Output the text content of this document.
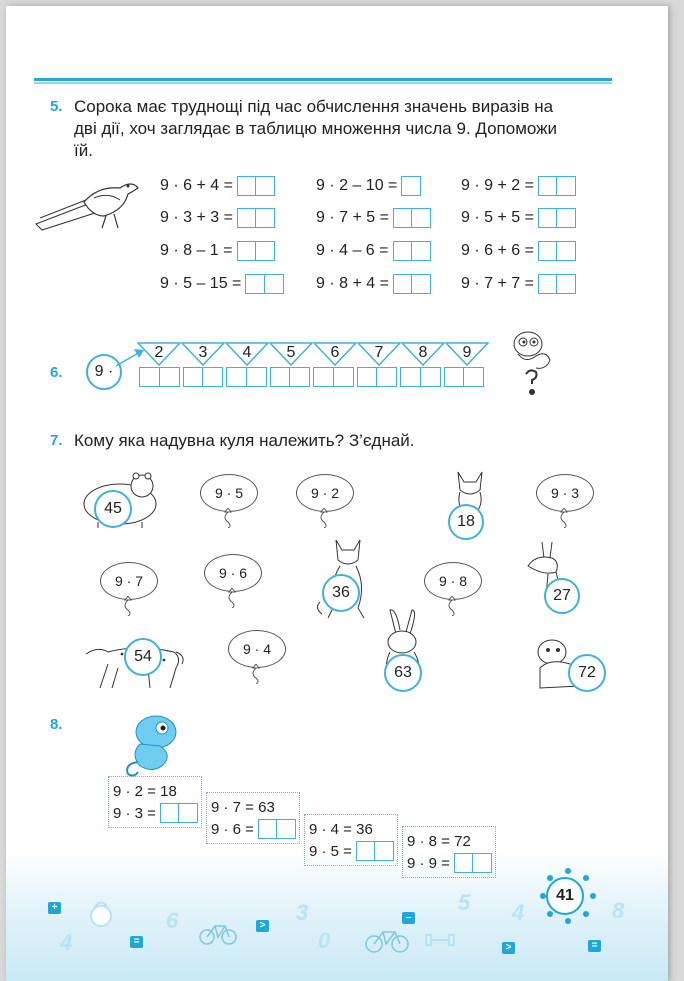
5. Сорока має труднощі під час обчислення значень виразів на
дві дії, хоч заглядає в таблицю множення числа 9. Допоможи
їй.
9 · 6 + 4 =	9 · 2 – 10 =	9 · 9 + 2 =
9 · 3 + 3 =	9 · 7 + 5 =	9 · 5 + 5 =
9 · 8 – 1 =	9 · 4 – 6 =	9 · 6 + 6 =
9 · 5 – 15 =	9 · 8 + 4 =	9 · 7 + 7 =
6. 9 ·
2	3	4	5	6	7	8	9
7. Кому яка надувна куля належить? З’єднай.
45
18
36	27
54
63	72
9 · 5	9 · 2	9 · 3
9 · 7	9 · 6	9 · 8
9 · 4
8.
9 · 2 = 18
9 · 3 =	9 · 7 = 63
9 · 6 =	9 · 4 = 36
9 · 5 =
9 · 8 = 72
9 · 9 =
+
=
>
–
>	=
4
6	3
0
5 4	8
41
